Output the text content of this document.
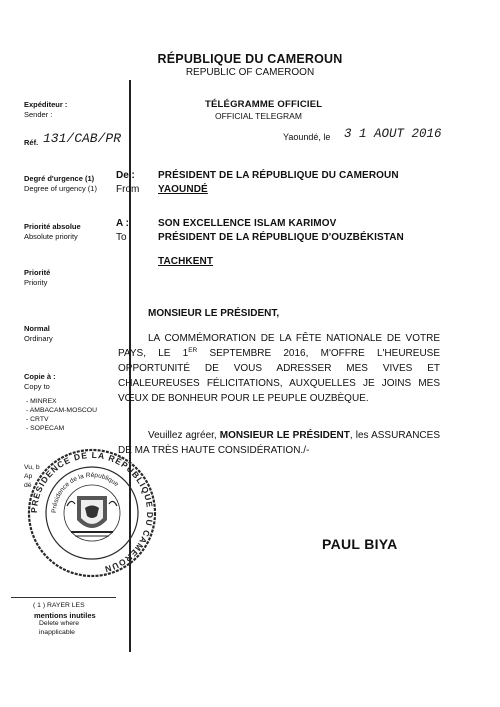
RÉPUBLIQUE DU CAMEROUN
REPUBLIC OF CAMEROON
Expéditeur :
Sender :
Réf. 131/CAB/PR
Degré d'urgence (1)
Degree of urgency (1)
Priorité absolue
Absolute priority
Priorité
Priority
Normal
Ordinary
Copie à :
Copy to
- MINREX
- AMBACAM-MOSCOU
- CRTV
- SOPECAM
Vu, b
Ap
dé
PRÉSIDENCE DE LA RÉPUBLIQUE DU CAMEROUN
Présidence de la République
( 1 ) RAYER LES
mentions inutiles
Delete where
inapplicable
TÉLÉGRAMME OFFICIEL
OFFICIAL TELEGRAM
Yaoundé, le 3 1 AOUT 2016
De :
From
PRÉSIDENT DE LA RÉPUBLIQUE DU CAMEROUN
YAOUNDÉ
A :
To
SON EXCELLENCE ISLAM KARIMOV
PRÉSIDENT DE LA RÉPUBLIQUE D'OUZBÉKISTAN
TACHKENT
MONSIEUR LE PRÉSIDENT,
LA COMMÉMORATION DE LA FÊTE NATIONALE DE VOTRE PAYS, LE 1ER SEPTEMBRE 2016, M'OFFRE L'HEUREUSE OPPORTUNITÉ DE VOUS ADRESSER MES VIVES ET CHALEUREUSES FÉLICITATIONS, AUXQUELLES JE JOINS MES VŒUX DE BONHEUR POUR LE PEUPLE OUZBÈQUE.
Veuillez agréer, MONSIEUR LE PRÉSIDENT, les ASSURANCES DE MA TRÈS HAUTE CONSIDÉRATION./-
PAUL BIYA
